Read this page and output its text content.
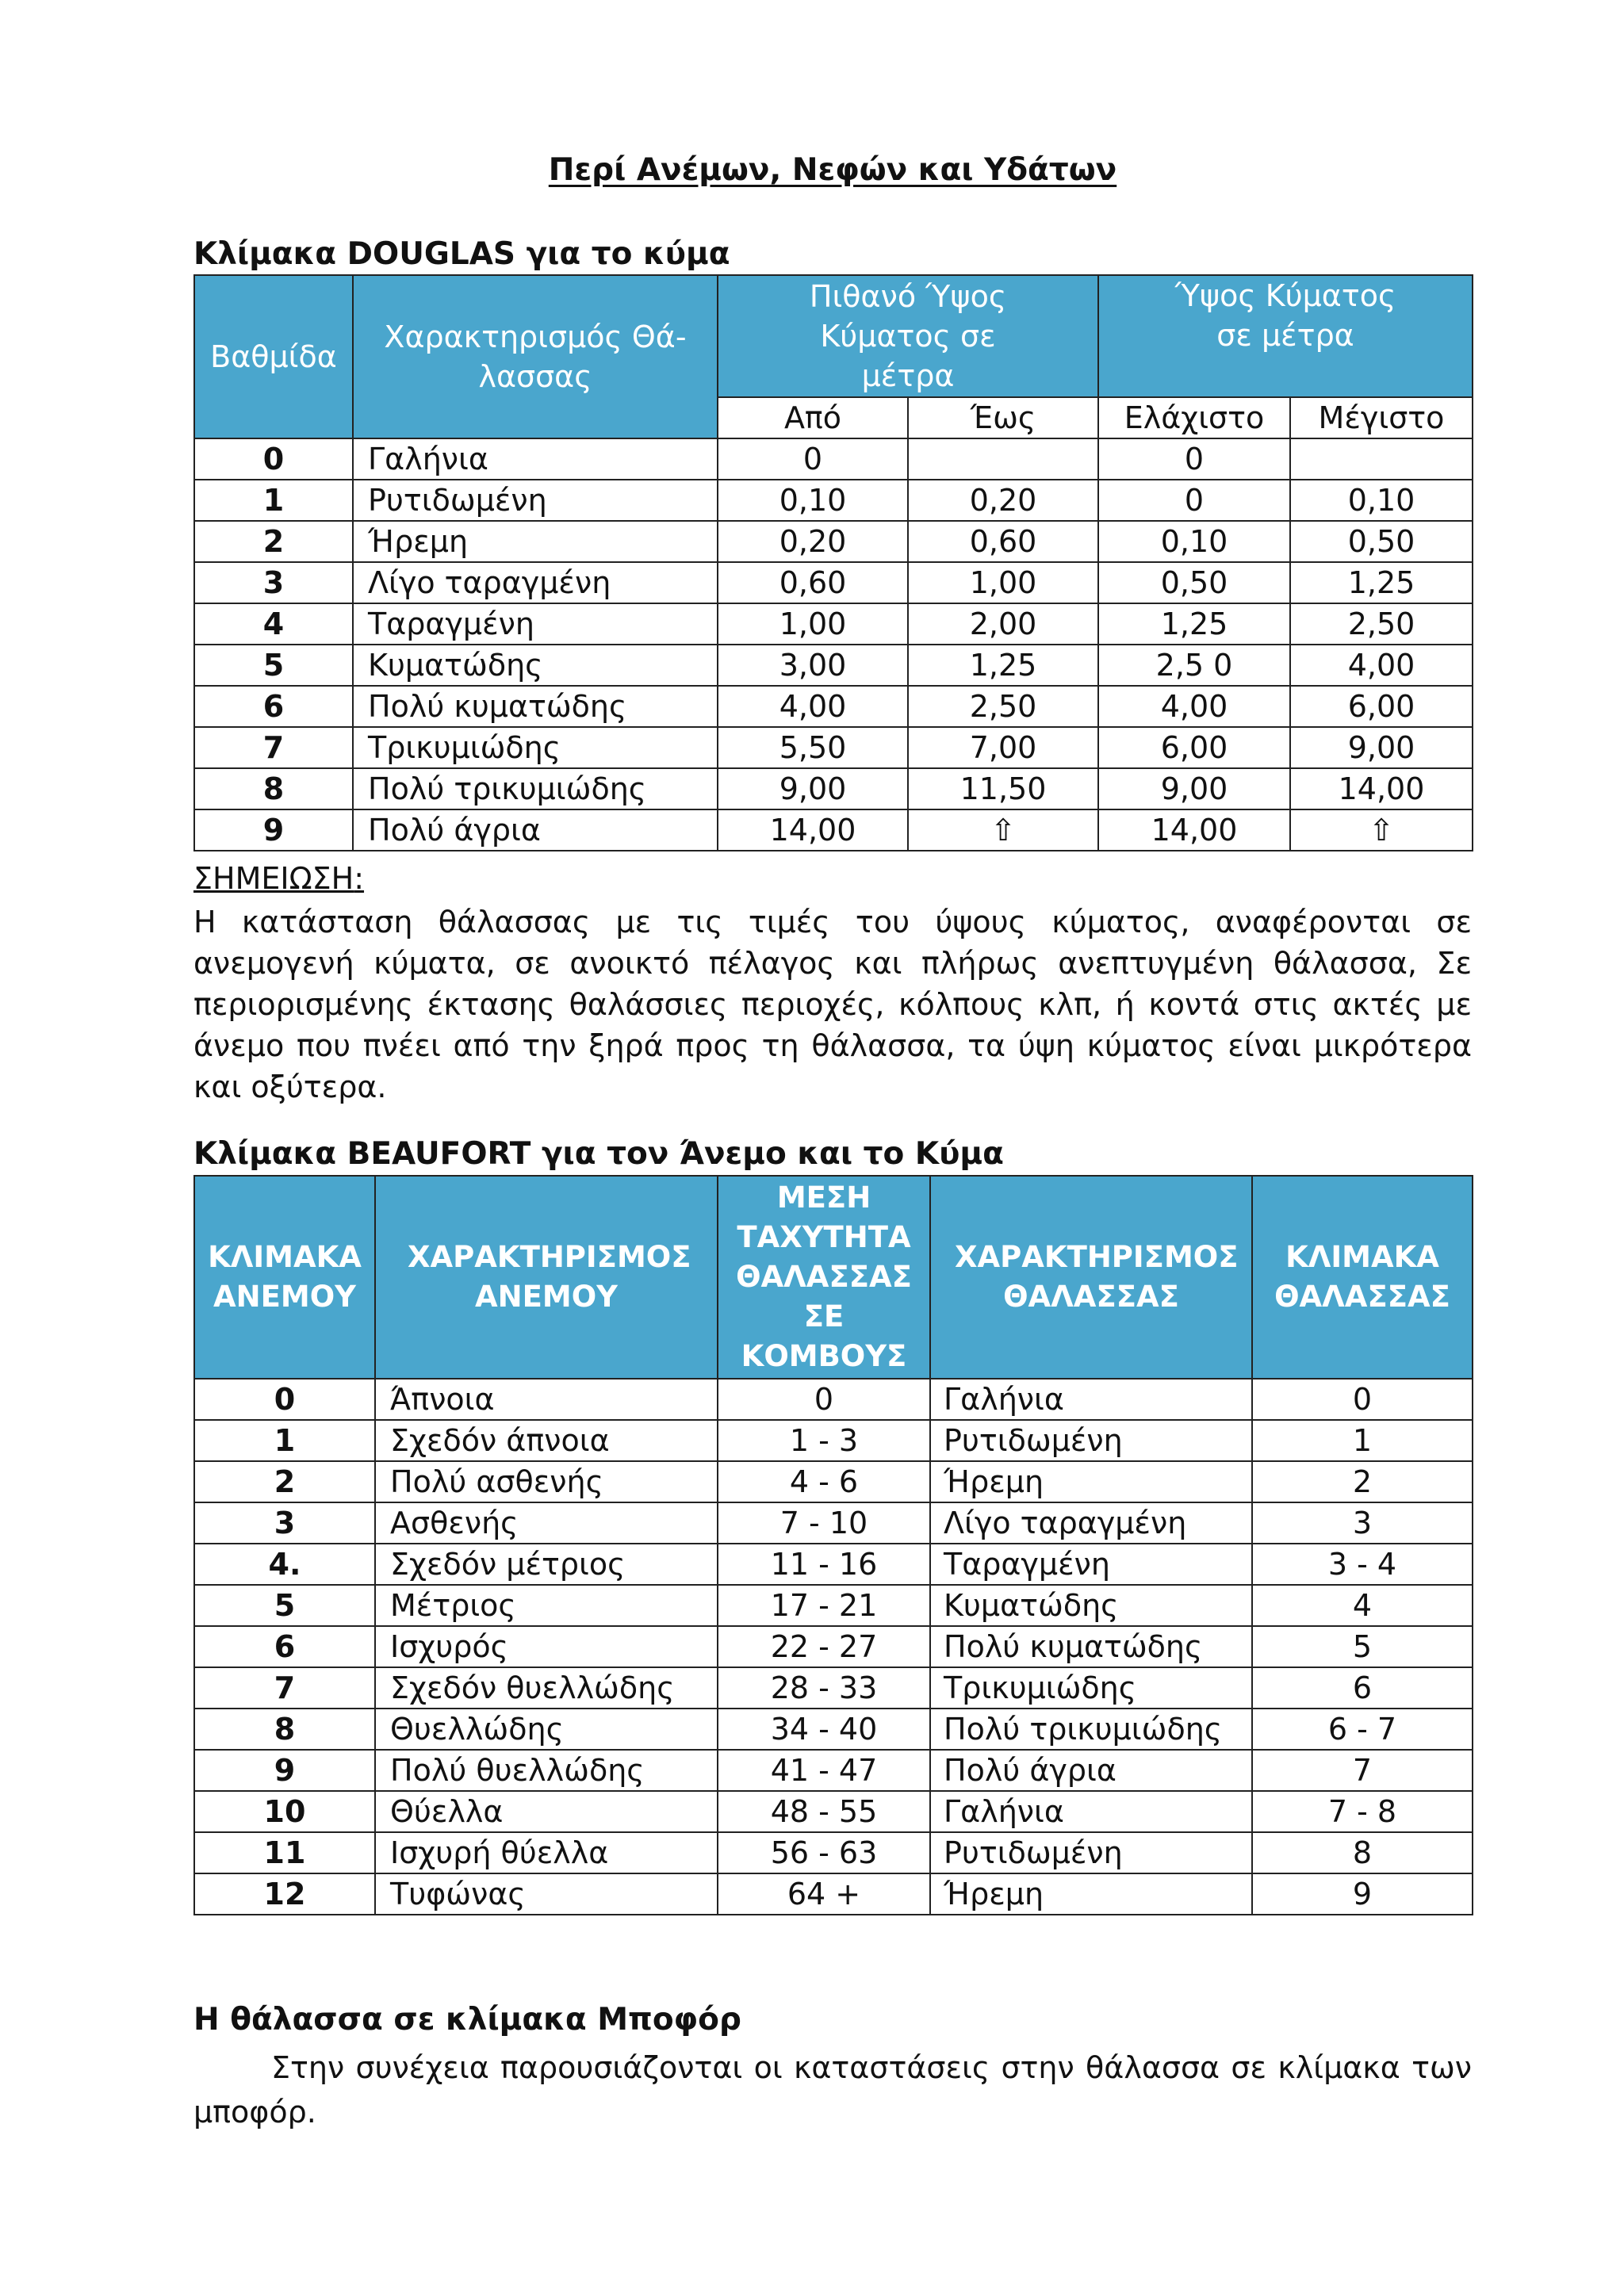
Περί Ανέμων, Νεφών και Υδάτων
Κλίμακα DOUGLAS για το κύμα
Βαθμίδα	Χαρακτηρισμός Θά-λασσας	Πιθανό Ύψος Κύματος σε μέτρα		Ύψος Κύματος σε μέτρα	
		Από	Έως	Ελάχιστο	Μέγιστο
0	Γαλήνια	0		0	
1	Ρυτιδωμένη	0,10	0,20	0	0,10
2	Ήρεμη	0,20	0,60	0,10	0,50
3	Λίγο ταραγμένη	0,60	1,00	0,50	1,25
4	Ταραγμένη	1,00	2,00	1,25	2,50
5	Κυματώδης	3,00	1,25	2,5 0	4,00
6	Πολύ κυματώδης	4,00	2,50	4,00	6,00
7	Τρικυμιώδης	5,50	7,00	6,00	9,00
8	Πολύ τρικυμιώδης	9,00	11,50	9,00	14,00
9	Πολύ άγρια	14,00	⇧	14,00	⇧
ΣΗΜΕΙΩΣΗ:
Η κατάσταση θάλασσας με τις τιμές του ύψους κύματος, αναφέρονται σε ανεμογενή κύματα, σε ανοικτό πέλαγος και πλήρως ανεπτυγμένη θάλασσα, Σε περιορισμένης έκτασης θαλάσσιες περιοχές, κόλπους κλπ, ή κοντά στις ακτές με άνεμο που πνέει από την ξηρά προς τη θάλασσα, τα ύψη κύματος είναι μικρότερα και οξύτερα.
Κλίμακα BEAUFORT για τον Άνεμο και το Κύμα
ΚΛΙΜΑΚΑ ΑΝΕΜΟΥ	ΧΑΡΑΚΤΗΡΙΣΜΟΣ ΑΝΕΜΟΥ	ΜΕΣΗ ΤΑΧΥΤΗΤΑ ΘΑΛΑΣΣΑΣ ΣΕ ΚΟΜΒΟΥΣ	ΧΑΡΑΚΤΗΡΙΣΜΟΣ ΘΑΛΑΣΣΑΣ	ΚΛΙΜΑΚΑ ΘΑΛΑΣΣΑΣ
0	Άπνοια	0	Γαλήνια	0
1	Σχεδόν άπνοια	1 - 3	Ρυτιδωμένη	1
2	Πολύ ασθενής	4 - 6	Ήρεμη	2
3	Ασθενής	7 - 10	Λίγο ταραγμένη	3
4.	Σχεδόν μέτριος	11 - 16	Ταραγμένη	3 - 4
5	Μέτριος	17 - 21	Κυματώδης	4
6	Ισχυρός	22 - 27	Πολύ κυματώδης	5
7	Σχεδόν θυελλώδης	28 - 33	Τρικυμιώδης	6
8	Θυελλώδης	34 - 40	Πολύ τρικυμιώδης	6 - 7
9	Πολύ θυελλώδης	41 - 47	Πολύ άγρια	7
10	Θύελλα	48 - 55	Γαλήνια	7 - 8
11	Ισχυρή θύελλα	56 - 63	Ρυτιδωμένη	8
12	Τυφώνας	64 +	Ήρεμη	9
Η θάλασσα σε κλίμακα Μποφόρ
Στην συνέχεια παρουσιάζονται οι καταστάσεις στην θάλασσα σε κλίμακα των μποφόρ.
